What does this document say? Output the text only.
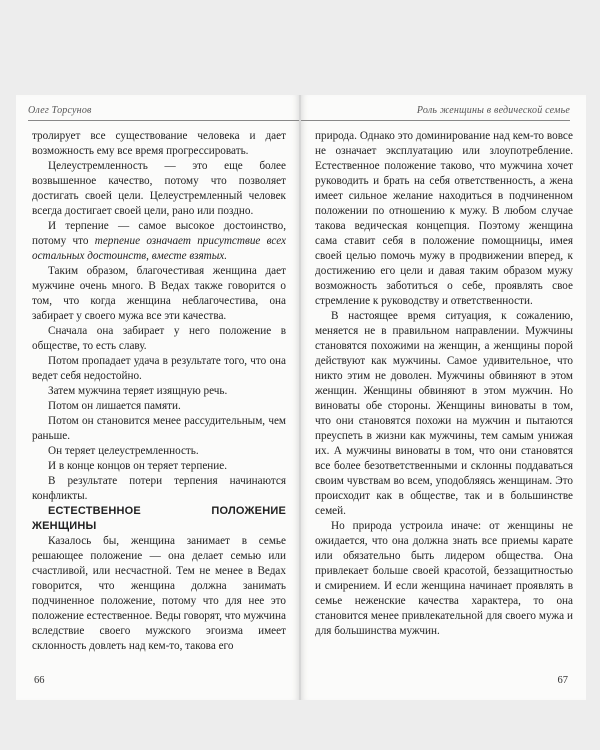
Олег Торсунов

тролирует все существование человека и дает возможность ему все время прогрессировать.

Целеустремленность — это еще более возвышенное качество, потому что позволяет достигать своей цели. Целеустремленный человек всегда достигает своей цели, рано или поздно.

И терпение — самое высокое достоинство, потому что терпение означает присутствие всех остальных достоинств, вместе взятых.

Таким образом, благочестивая женщина дает мужчине очень много. В Ведах также говорится о том, что когда женщина неблагочестива, она забирает у своего мужа все эти качества.

Сначала она забирает у него положение в обществе, то есть славу.

Потом пропадает удача в результате того, что она ведет себя недостойно.

Затем мужчина теряет изящную речь.

Потом он лишается памяти.

Потом он становится менее рассудительным, чем раньше.

Он теряет целеустремленность.

И в конце концов он теряет терпение.

В результате потери терпения начинаются конфликты.

ЕСТЕСТВЕННОЕ ПОЛОЖЕНИЕ ЖЕНЩИНЫ

Казалось бы, женщина занимает в семье решающее положение — она делает семью или счастливой, или несчастной. Тем не менее в Ведах говорится, что женщина должна занимать подчиненное положение, потому что для нее это положение естественное. Веды говорят, что мужчина вследствие своего мужского эгоизма имеет склонность довлеть над кем-то, такова его

66
Роль женщины в ведической семье

природа. Однако это доминирование над кем-то вовсе не означает эксплуатацию или злоупотребление. Естественное положение таково, что мужчина хочет руководить и брать на себя ответственность, а жена имеет сильное желание находиться в подчиненном положении по отношению к мужу. В любом случае такова ведическая концепция. Поэтому женщина сама ставит себя в положение помощницы, имея своей целью помочь мужу в продвижении вперед, к достижению его цели и давая таким образом мужу возможность заботиться о себе, проявлять свое стремление к руководству и ответственности.

В настоящее время ситуация, к сожалению, меняется не в правильном направлении. Мужчины становятся похожими на женщин, а женщины порой действуют как мужчины. Самое удивительное, что никто этим не доволен. Мужчины обвиняют в этом женщин. Женщины обвиняют в этом мужчин. Но виноваты обе стороны. Женщины виноваты в том, что они становятся похожи на мужчин и пытаются преуспеть в жизни как мужчины, тем самым унижая их. А мужчины виноваты в том, что они становятся все более безответственными и склонны поддаваться своим чувствам во всем, уподобляясь женщинам. Это происходит как в обществе, так и в большинстве семей.

Но природа устроила иначе: от женщины не ожидается, что она должна знать все приемы карате или обязательно быть лидером общества. Она привлекает больше своей красотой, беззащитностью и смирением. И если женщина начинает проявлять в семье неженские качества характера, то она становится менее привлекательной для своего мужа и для большинства мужчин.

67
